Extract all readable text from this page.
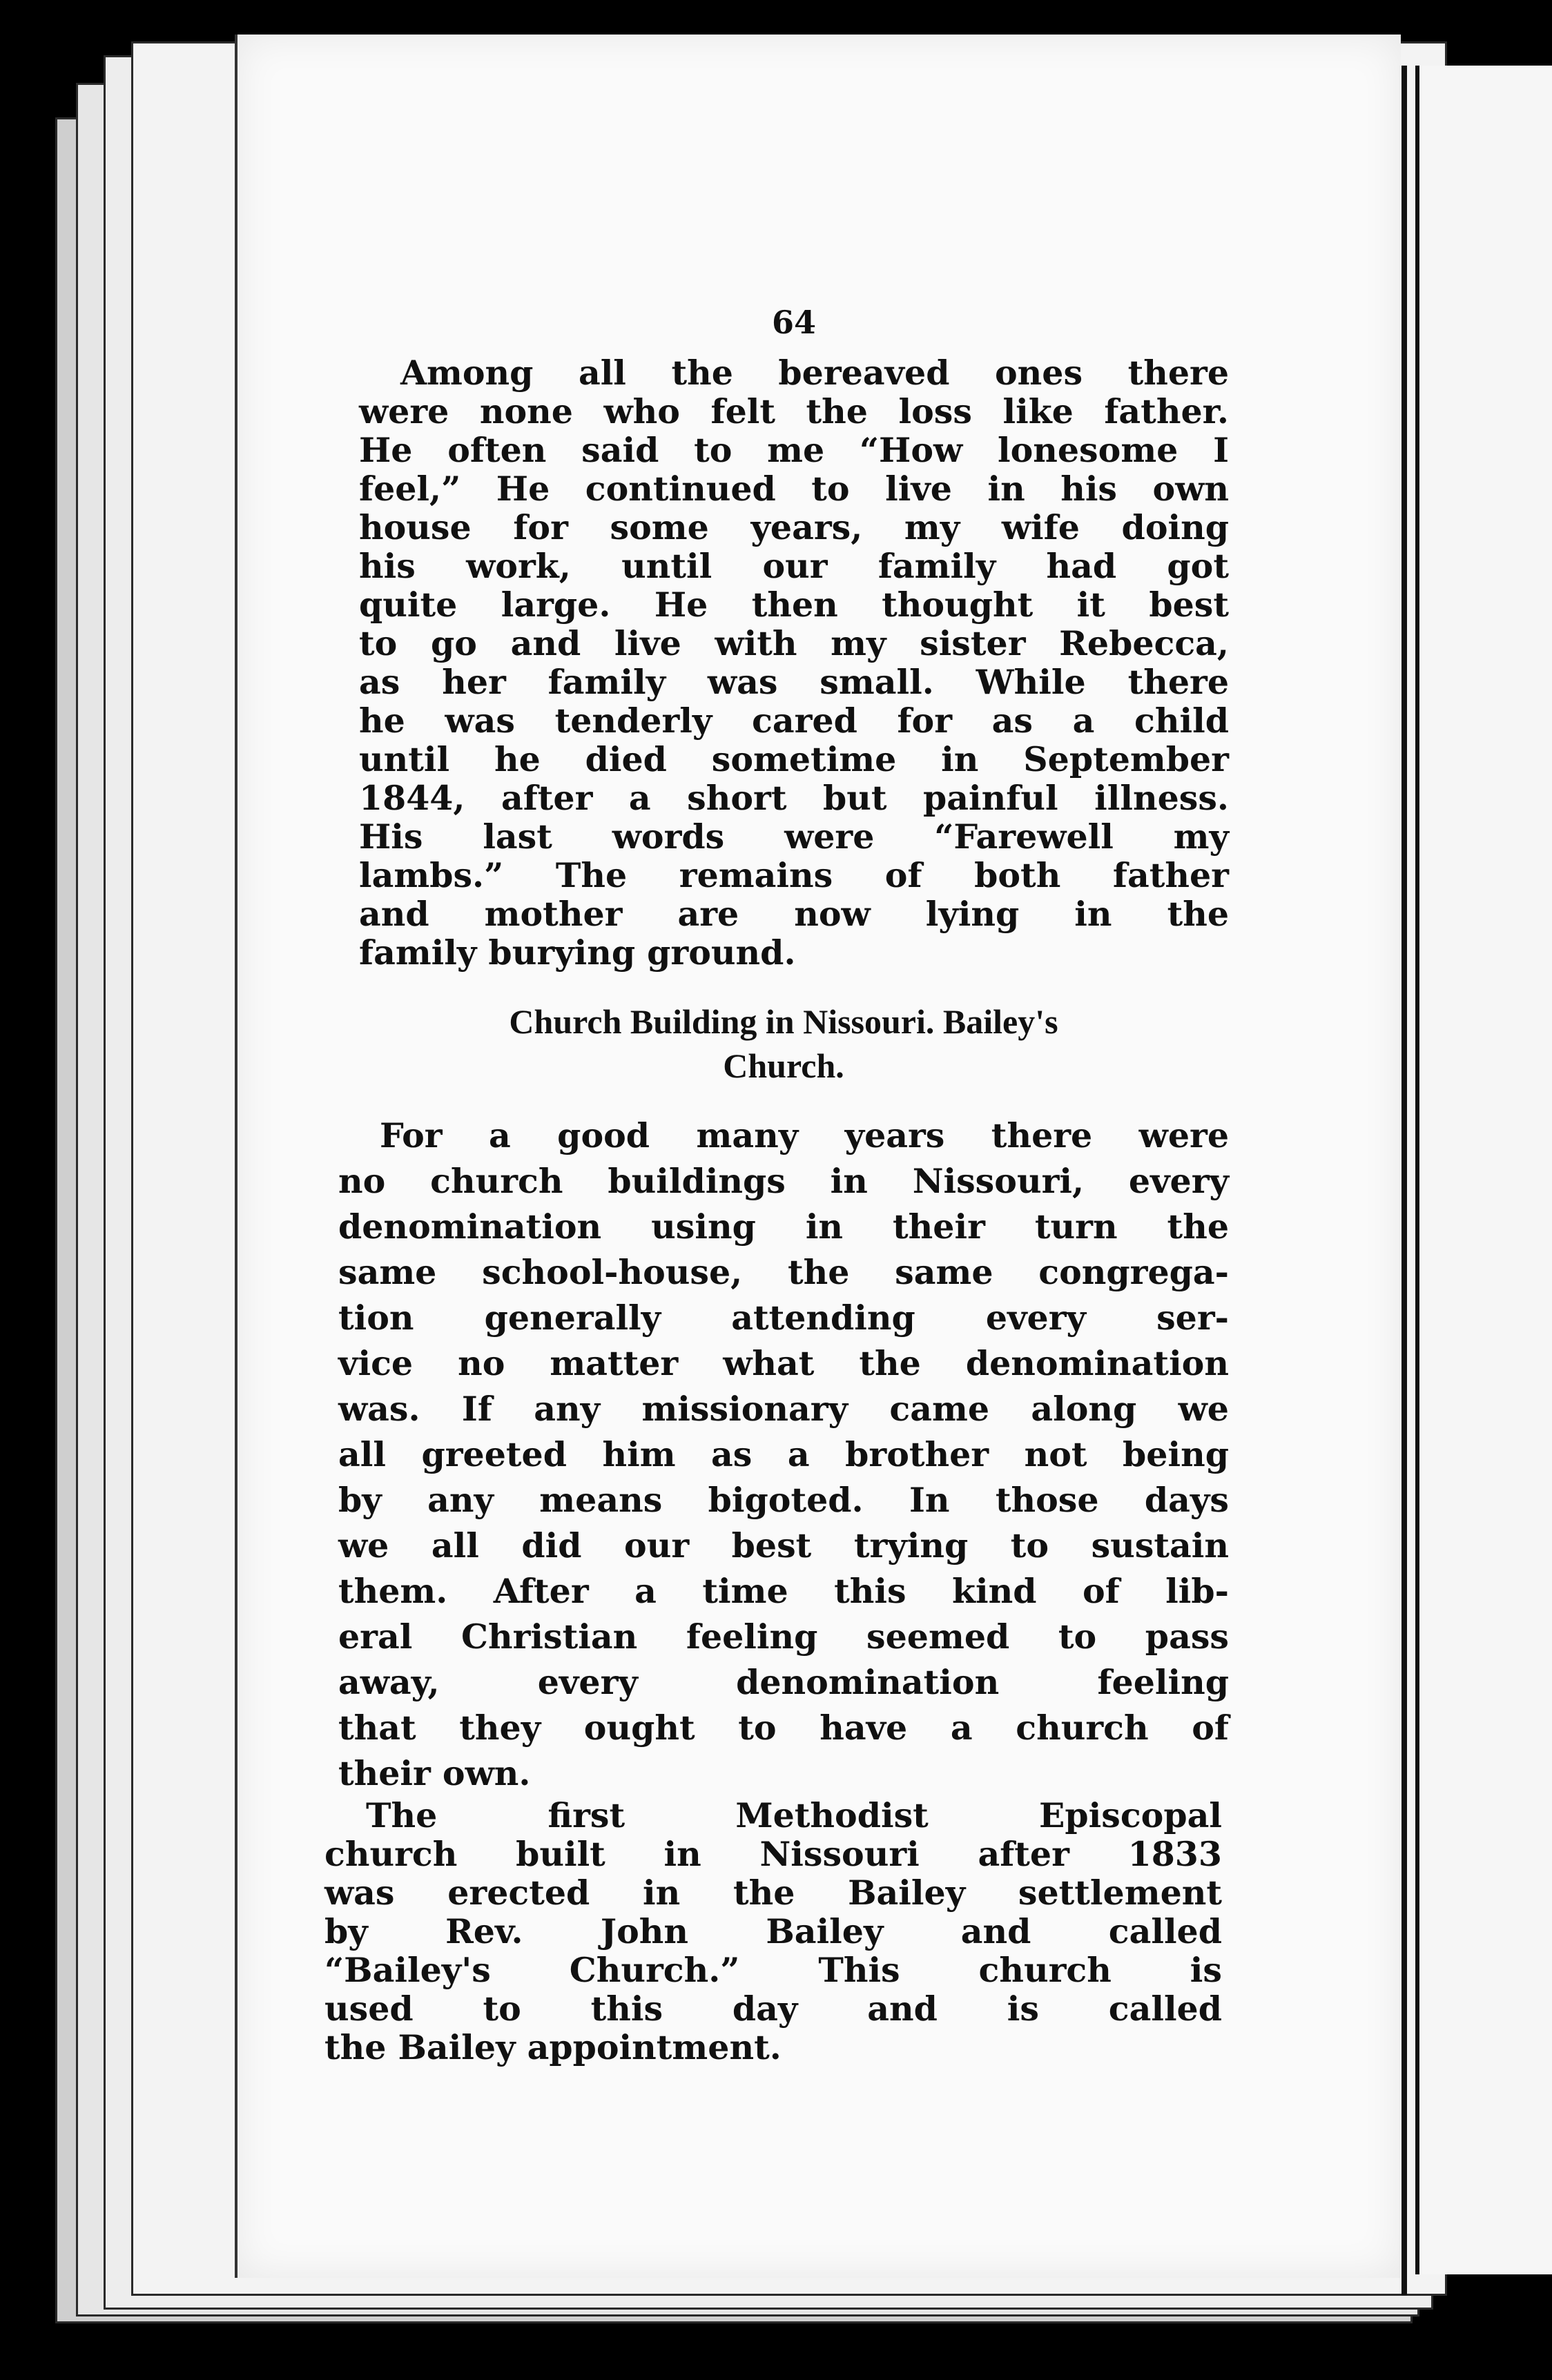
64
Among all the bereaved ones there
were none who felt the loss like father.
He often said to me “How lonesome I
feel,” He continued to live in his own
house for some years, my wife doing
his work, until our family had got
quite large. He then thought it best
to go and live with my sister Rebecca,
as her family was small. While there
he was tenderly cared for as a child
until he died sometime in September
1844, after a short but painful illness.
His last words were “Farewell my
lambs.” The remains of both father
and mother are now lying in the
family burying ground.
Church Building in Nissouri. Bailey's
Church.
For a good many years there were
no church buildings in Nissouri, every
denomination using in their turn the
same school-house, the same congrega-
tion generally attending every ser-
vice no matter what the denomination
was. If any missionary came along we
all greeted him as a brother not being
by any means bigoted. In those days
we all did our best trying to sustain
them. After a time this kind of lib-
eral Christian feeling seemed to pass
away, every denomination feeling
that they ought to have a church of
their own.
The first Methodist Episcopal
church built in Nissouri after 1833
was erected in the Bailey settlement
by Rev. John Bailey and called
“Bailey's Church.” This church is
used to this day and is called
the Bailey appointment.
